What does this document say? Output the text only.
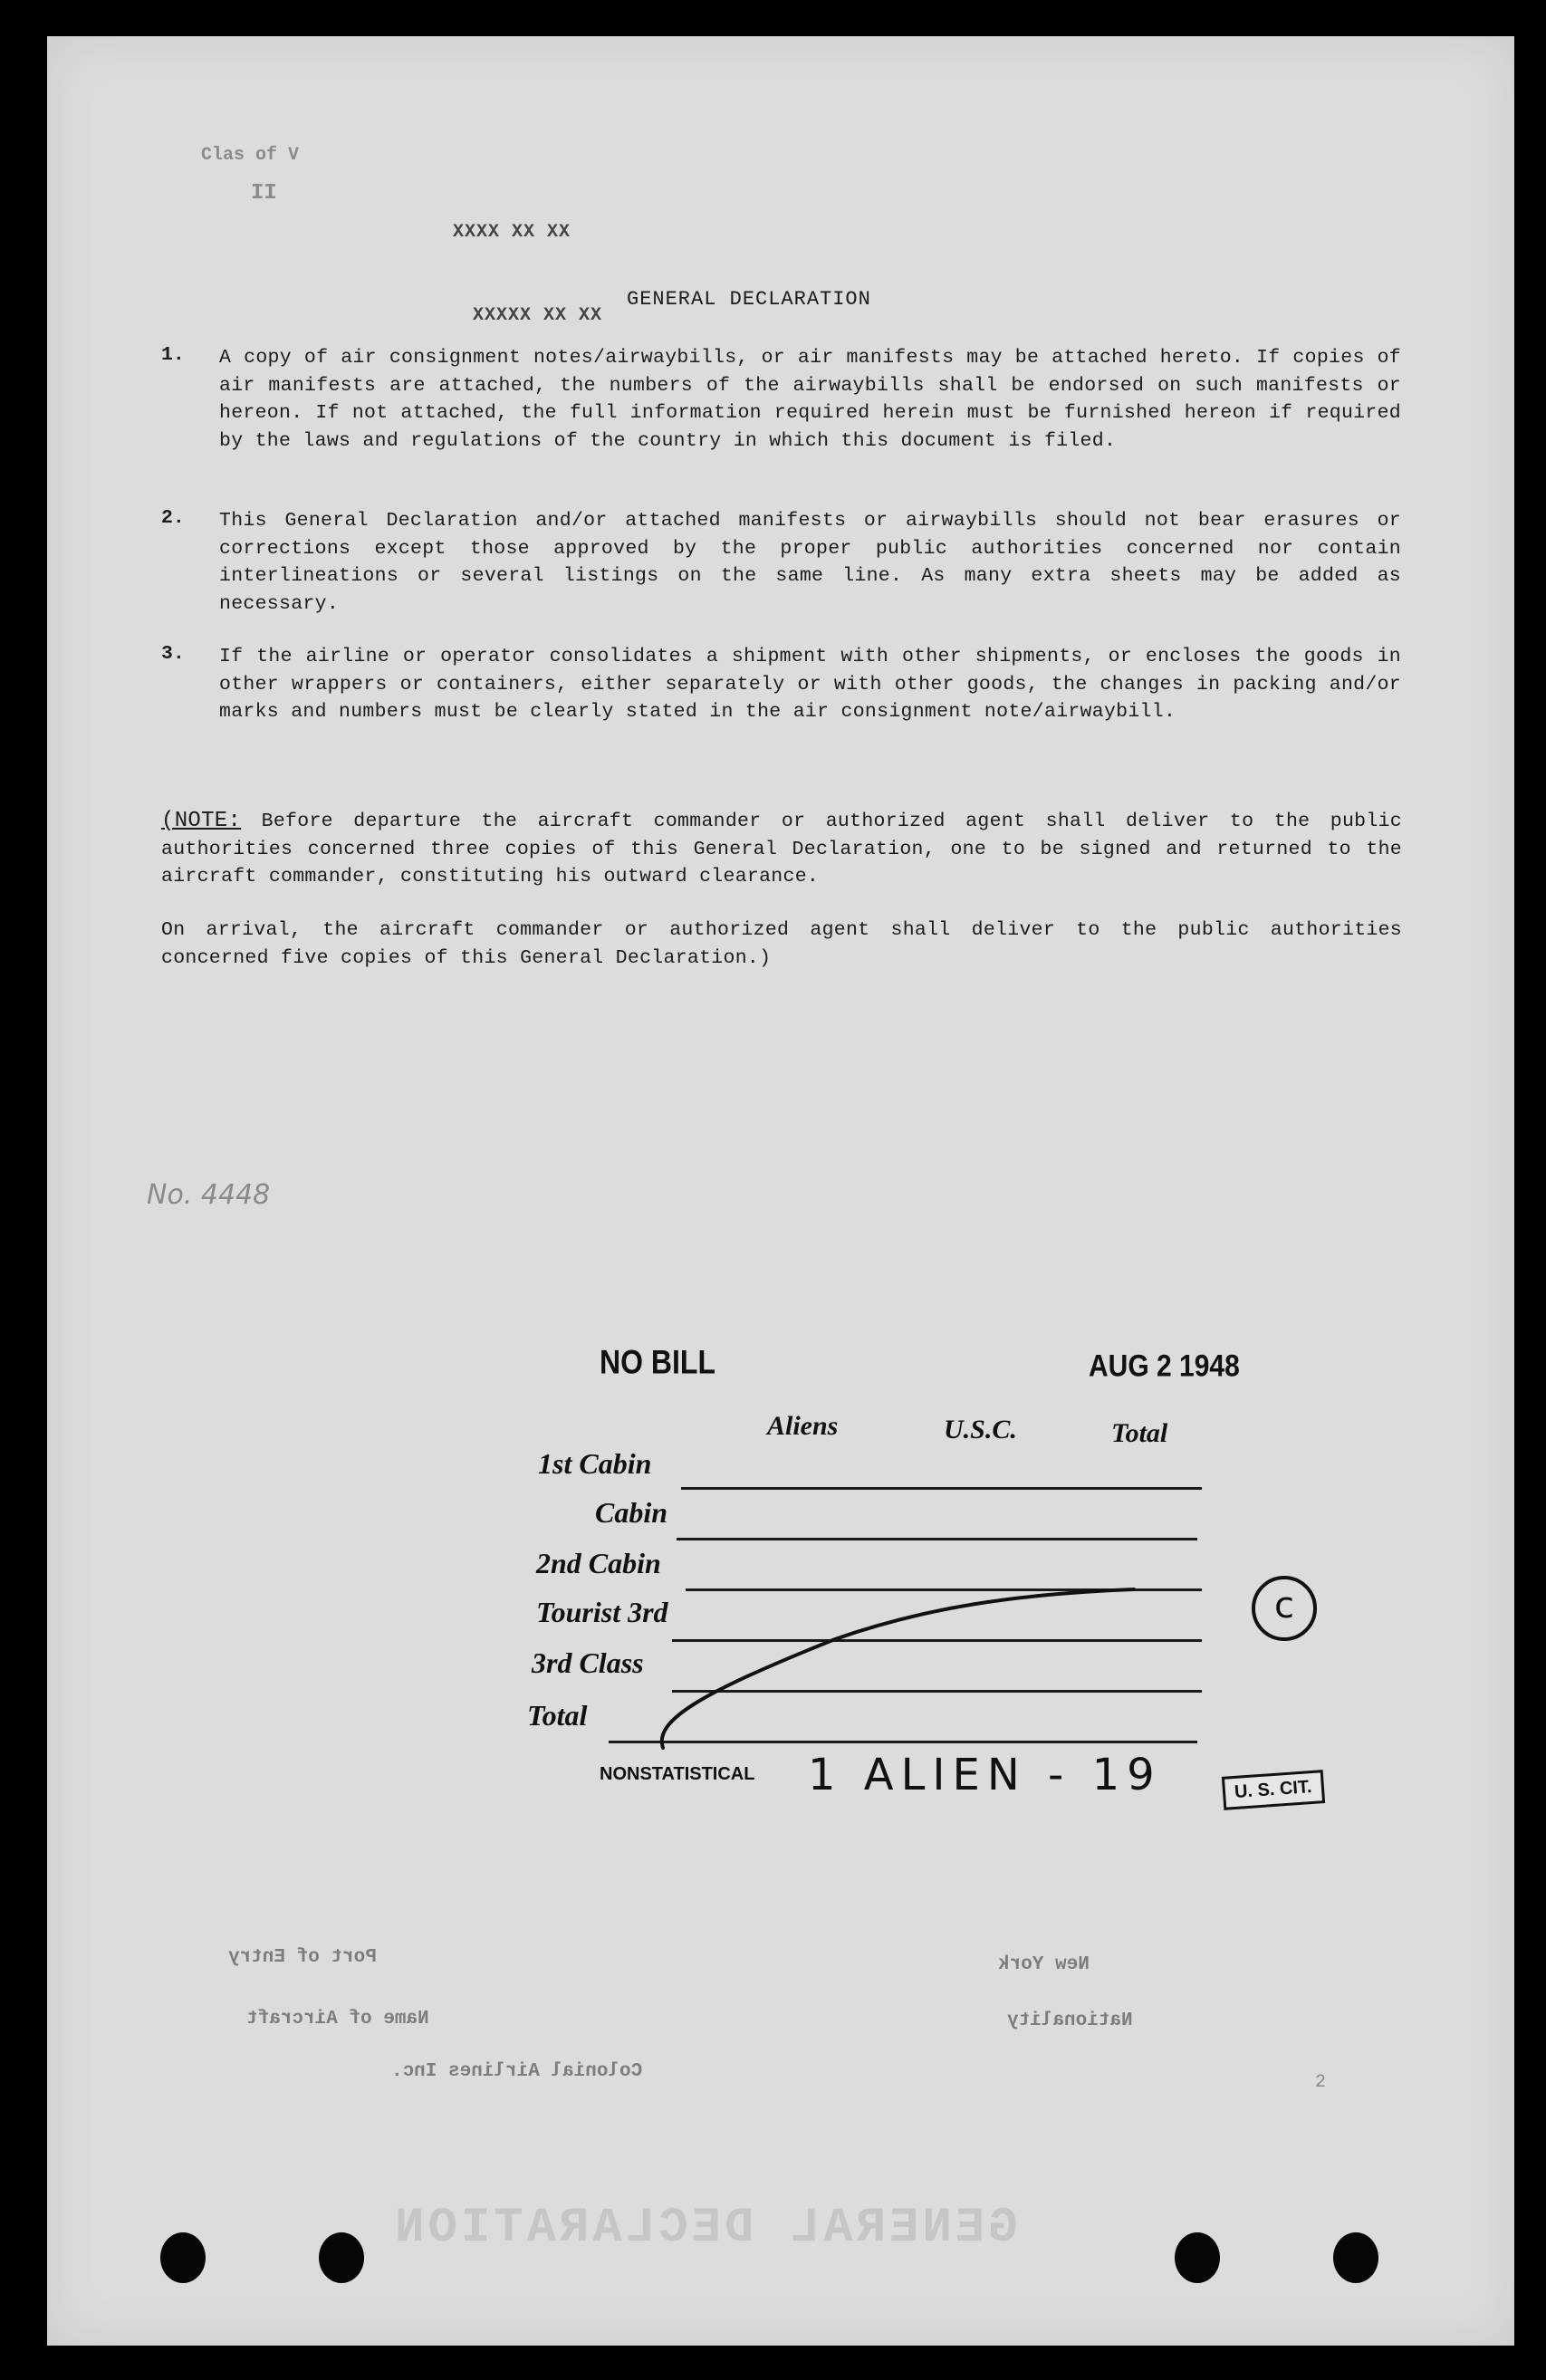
Clas of V
II
XXXX XX XX
XXXXX XX XX
GENERAL DECLARATION
1. A copy of air consignment notes/airwaybills, or air manifests may be attached hereto. If copies of air manifests are attached, the numbers of the airwaybills shall be endorsed on such manifests or hereon. If not attached, the full information required herein must be furnished hereon if required by the laws and regulations of the country in which this document is filed.
2. This General Declaration and/or attached manifests or airwaybills should not bear erasures or corrections except those approved by the proper public authorities concerned nor contain interlineations or several listings on the same line. As many extra sheets may be added as necessary.
3. If the airline or operator consolidates a shipment with other shipments, or encloses the goods in other wrappers or containers, either separately or with other goods, the changes in packing and/or marks and numbers must be clearly stated in the air consignment note/airwaybill.
(NOTE: Before departure the aircraft commander or authorized agent shall deliver to the public authorities concerned three copies of this General Declaration, one to be signed and returned to the aircraft commander, constituting his outward clearance.
On arrival, the aircraft commander or authorized agent shall deliver to the public authorities concerned five copies of this General Declaration.)
No. 4448
NO BILL	AUG 2 1948
Aliens	U.S.C.	Total
1st Cabin
Cabin
2nd Cabin
Tourist 3rd
3rd Class
Total
c
NONSTATISTICAL 1 ALIEN - 19	U. S. CIT.
Port of Entry	New York
Name of Aircraft	Nationality
Colonial Airlines Inc.
GENERAL DECLARATION
2
